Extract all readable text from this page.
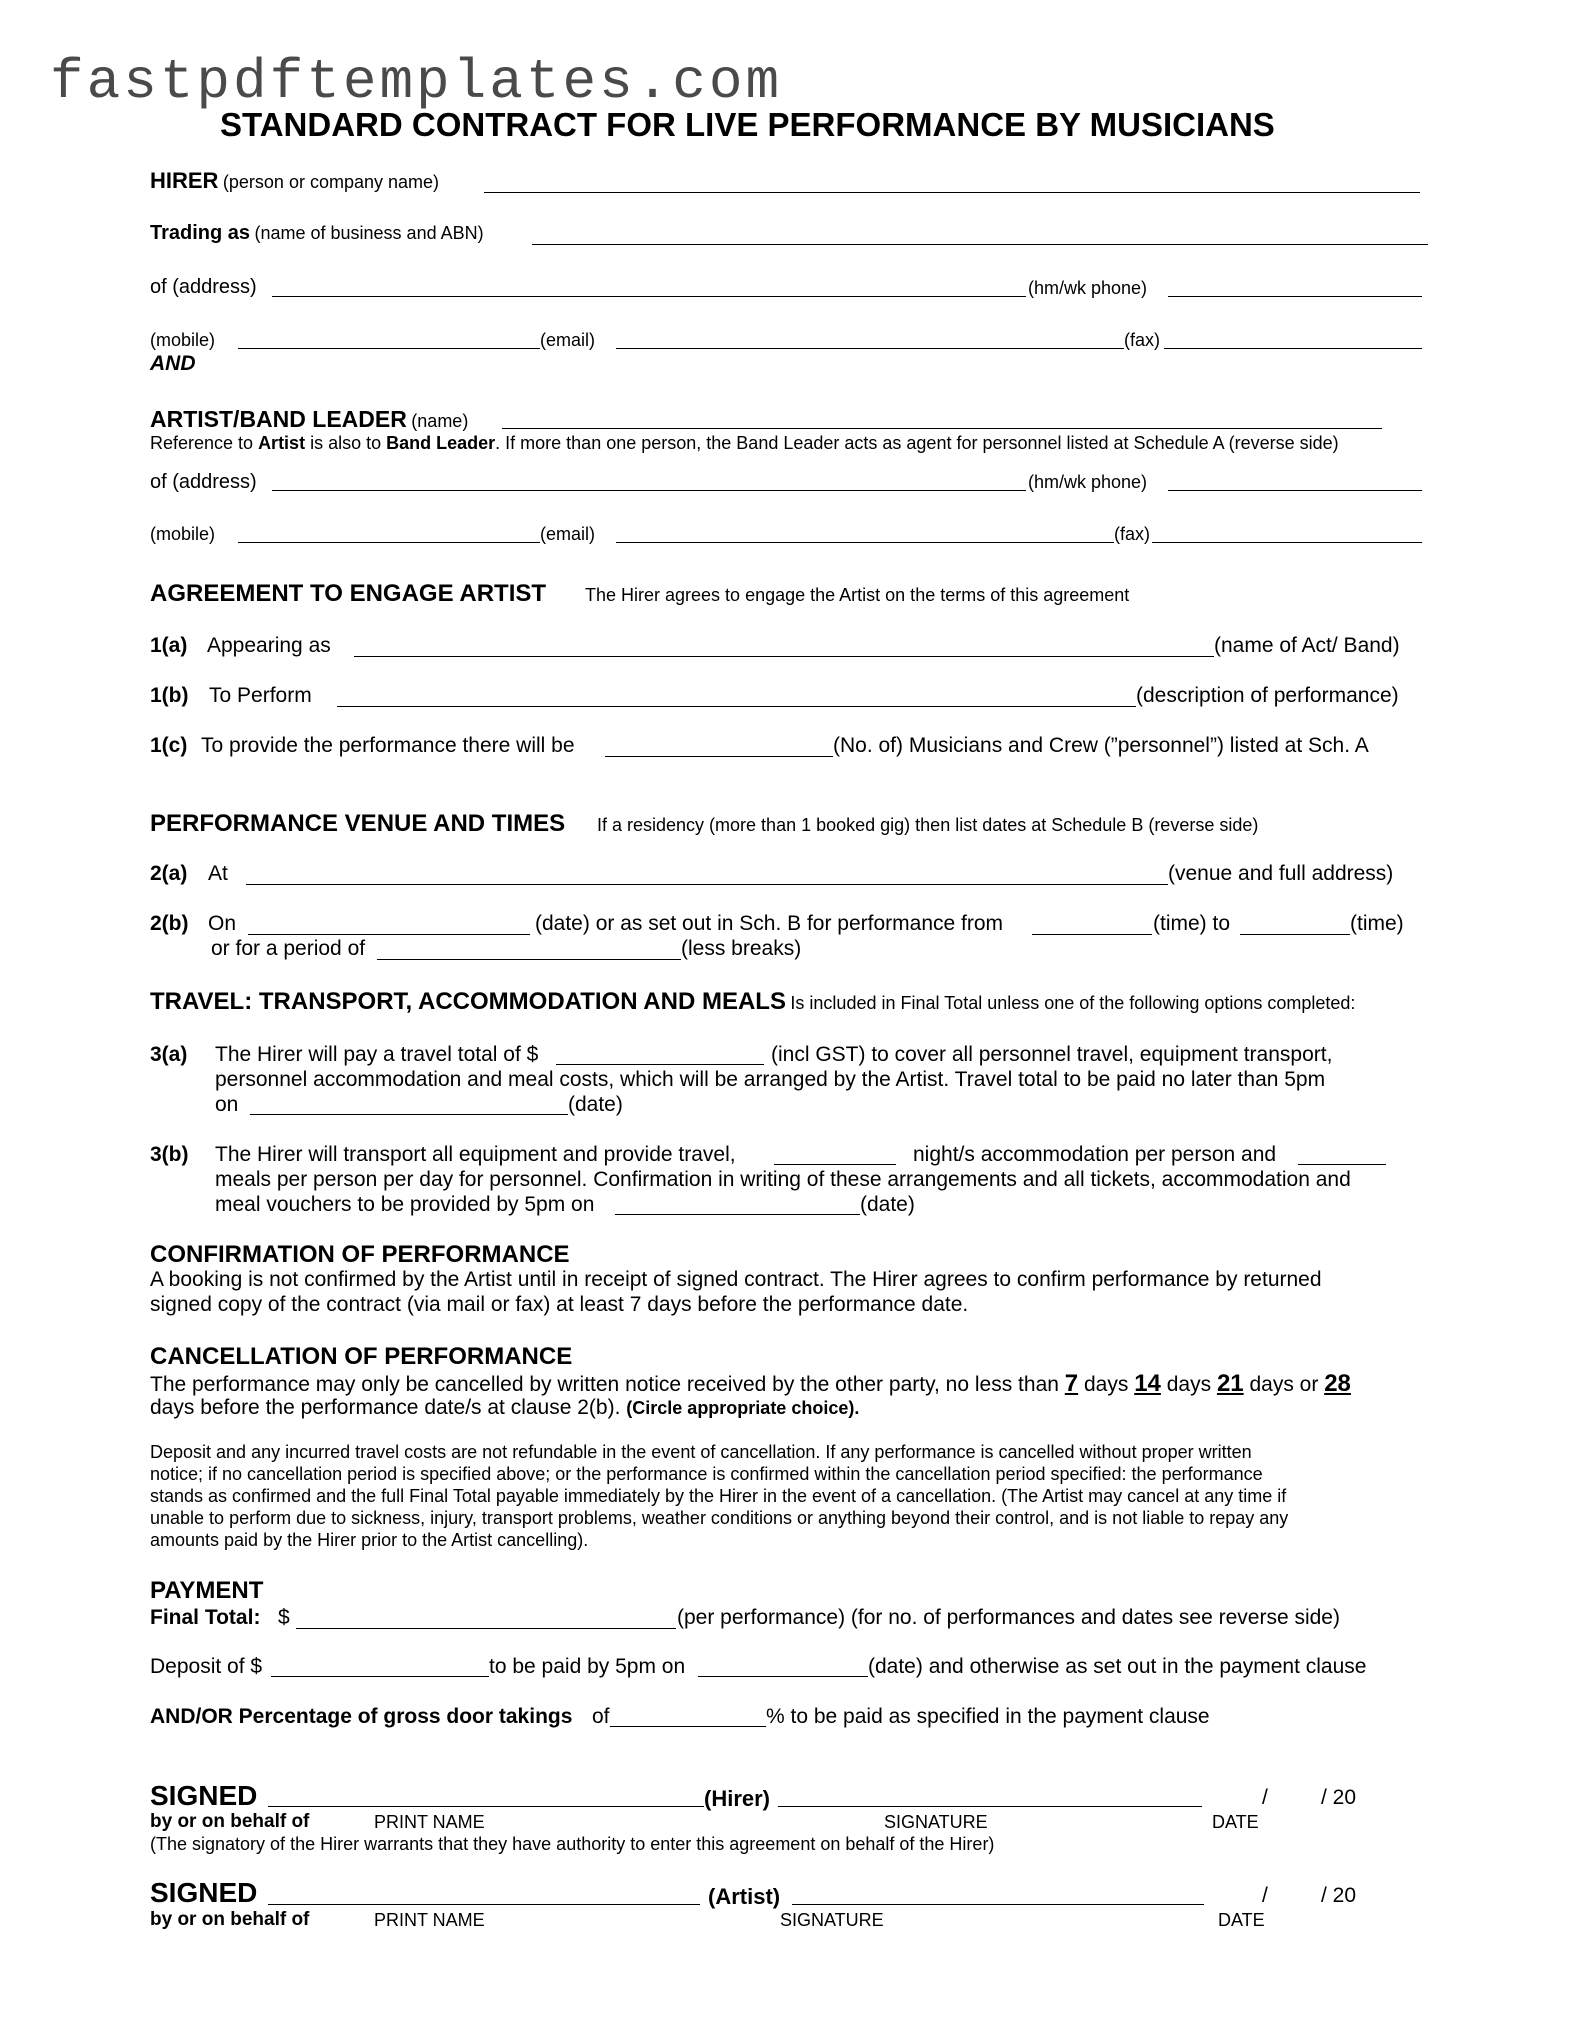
fastpdftemplates.com
STANDARD CONTRACT FOR LIVE PERFORMANCE BY MUSICIANS
HIRER (person or company name)
Trading as (name of business and ABN)
of (address)	(hm/wk phone)
(mobile)	(email)	(fax)
AND
ARTIST/BAND LEADER (name)
Reference to Artist is also to Band Leader. If more than one person, the Band Leader acts as agent for personnel listed at Schedule A (reverse side)
of (address)	(hm/wk phone)
(mobile)	(email)	(fax)
AGREEMENT TO ENGAGE ARTIST The Hirer agrees to engage the Artist on the terms of this agreement
1(a) Appearing as	(name of Act/ Band)
1(b) To Perform	(description of performance)
1(c) To provide the performance there will be	(No. of) Musicians and Crew (”personnel”) listed at Sch. A
PERFORMANCE VENUE AND TIMES If a residency (more than 1 booked gig) then list dates at Schedule B (reverse side)
2(a) At	(venue and full address)
2(b) On	(date) or as set out in Sch. B for performance from	(time) to	(time)
or for a period of	(less breaks)
TRAVEL: TRANSPORT, ACCOMMODATION AND MEALS Is included in Final Total unless one of the following options completed:
3(a) The Hirer will pay a travel total of $	(incl GST) to cover all personnel travel, equipment transport,
personnel accommodation and meal costs, which will be arranged by the Artist. Travel total to be paid no later than 5pm
on	(date)
3(b) The Hirer will transport all equipment and provide travel,	night/s accommodation per person and
meals per person per day for personnel. Confirmation in writing of these arrangements and all tickets, accommodation and
meal vouchers to be provided by 5pm on	(date)
CONFIRMATION OF PERFORMANCE
A booking is not confirmed by the Artist until in receipt of signed contract. The Hirer agrees to confirm performance by returned
signed copy of the contract (via mail or fax) at least 7 days before the performance date.
CANCELLATION OF PERFORMANCE
The performance may only be cancelled by written notice received by the other party, no less than 7 days 14 days 21 days or 28
days before the performance date/s at clause 2(b). (Circle appropriate choice).
Deposit and any incurred travel costs are not refundable in the event of cancellation. If any performance is cancelled without proper written
notice; if no cancellation period is specified above; or the performance is confirmed within the cancellation period specified: the performance
stands as confirmed and the full Final Total payable immediately by the Hirer in the event of a cancellation. (The Artist may cancel at any time if
unable to perform due to sickness, injury, transport problems, weather conditions or anything beyond their control, and is not liable to repay any
amounts paid by the Hirer prior to the Artist cancelling).
PAYMENT
Final Total: $	(per performance) (for no. of performances and dates see reverse side)
Deposit of $	to be paid by 5pm on	(date) and otherwise as set out in the payment clause
AND/OR Percentage of gross door takings of	% to be paid as specified in the payment clause
SIGNED	(Hirer)	/	/ 20
by or on behalf of	PRINT NAME	SIGNATURE	DATE
(The signatory of the Hirer warrants that they have authority to enter this agreement on behalf of the Hirer)
SIGNED	(Artist)	/	/ 20
by or on behalf of	PRINT NAME	SIGNATURE	DATE
